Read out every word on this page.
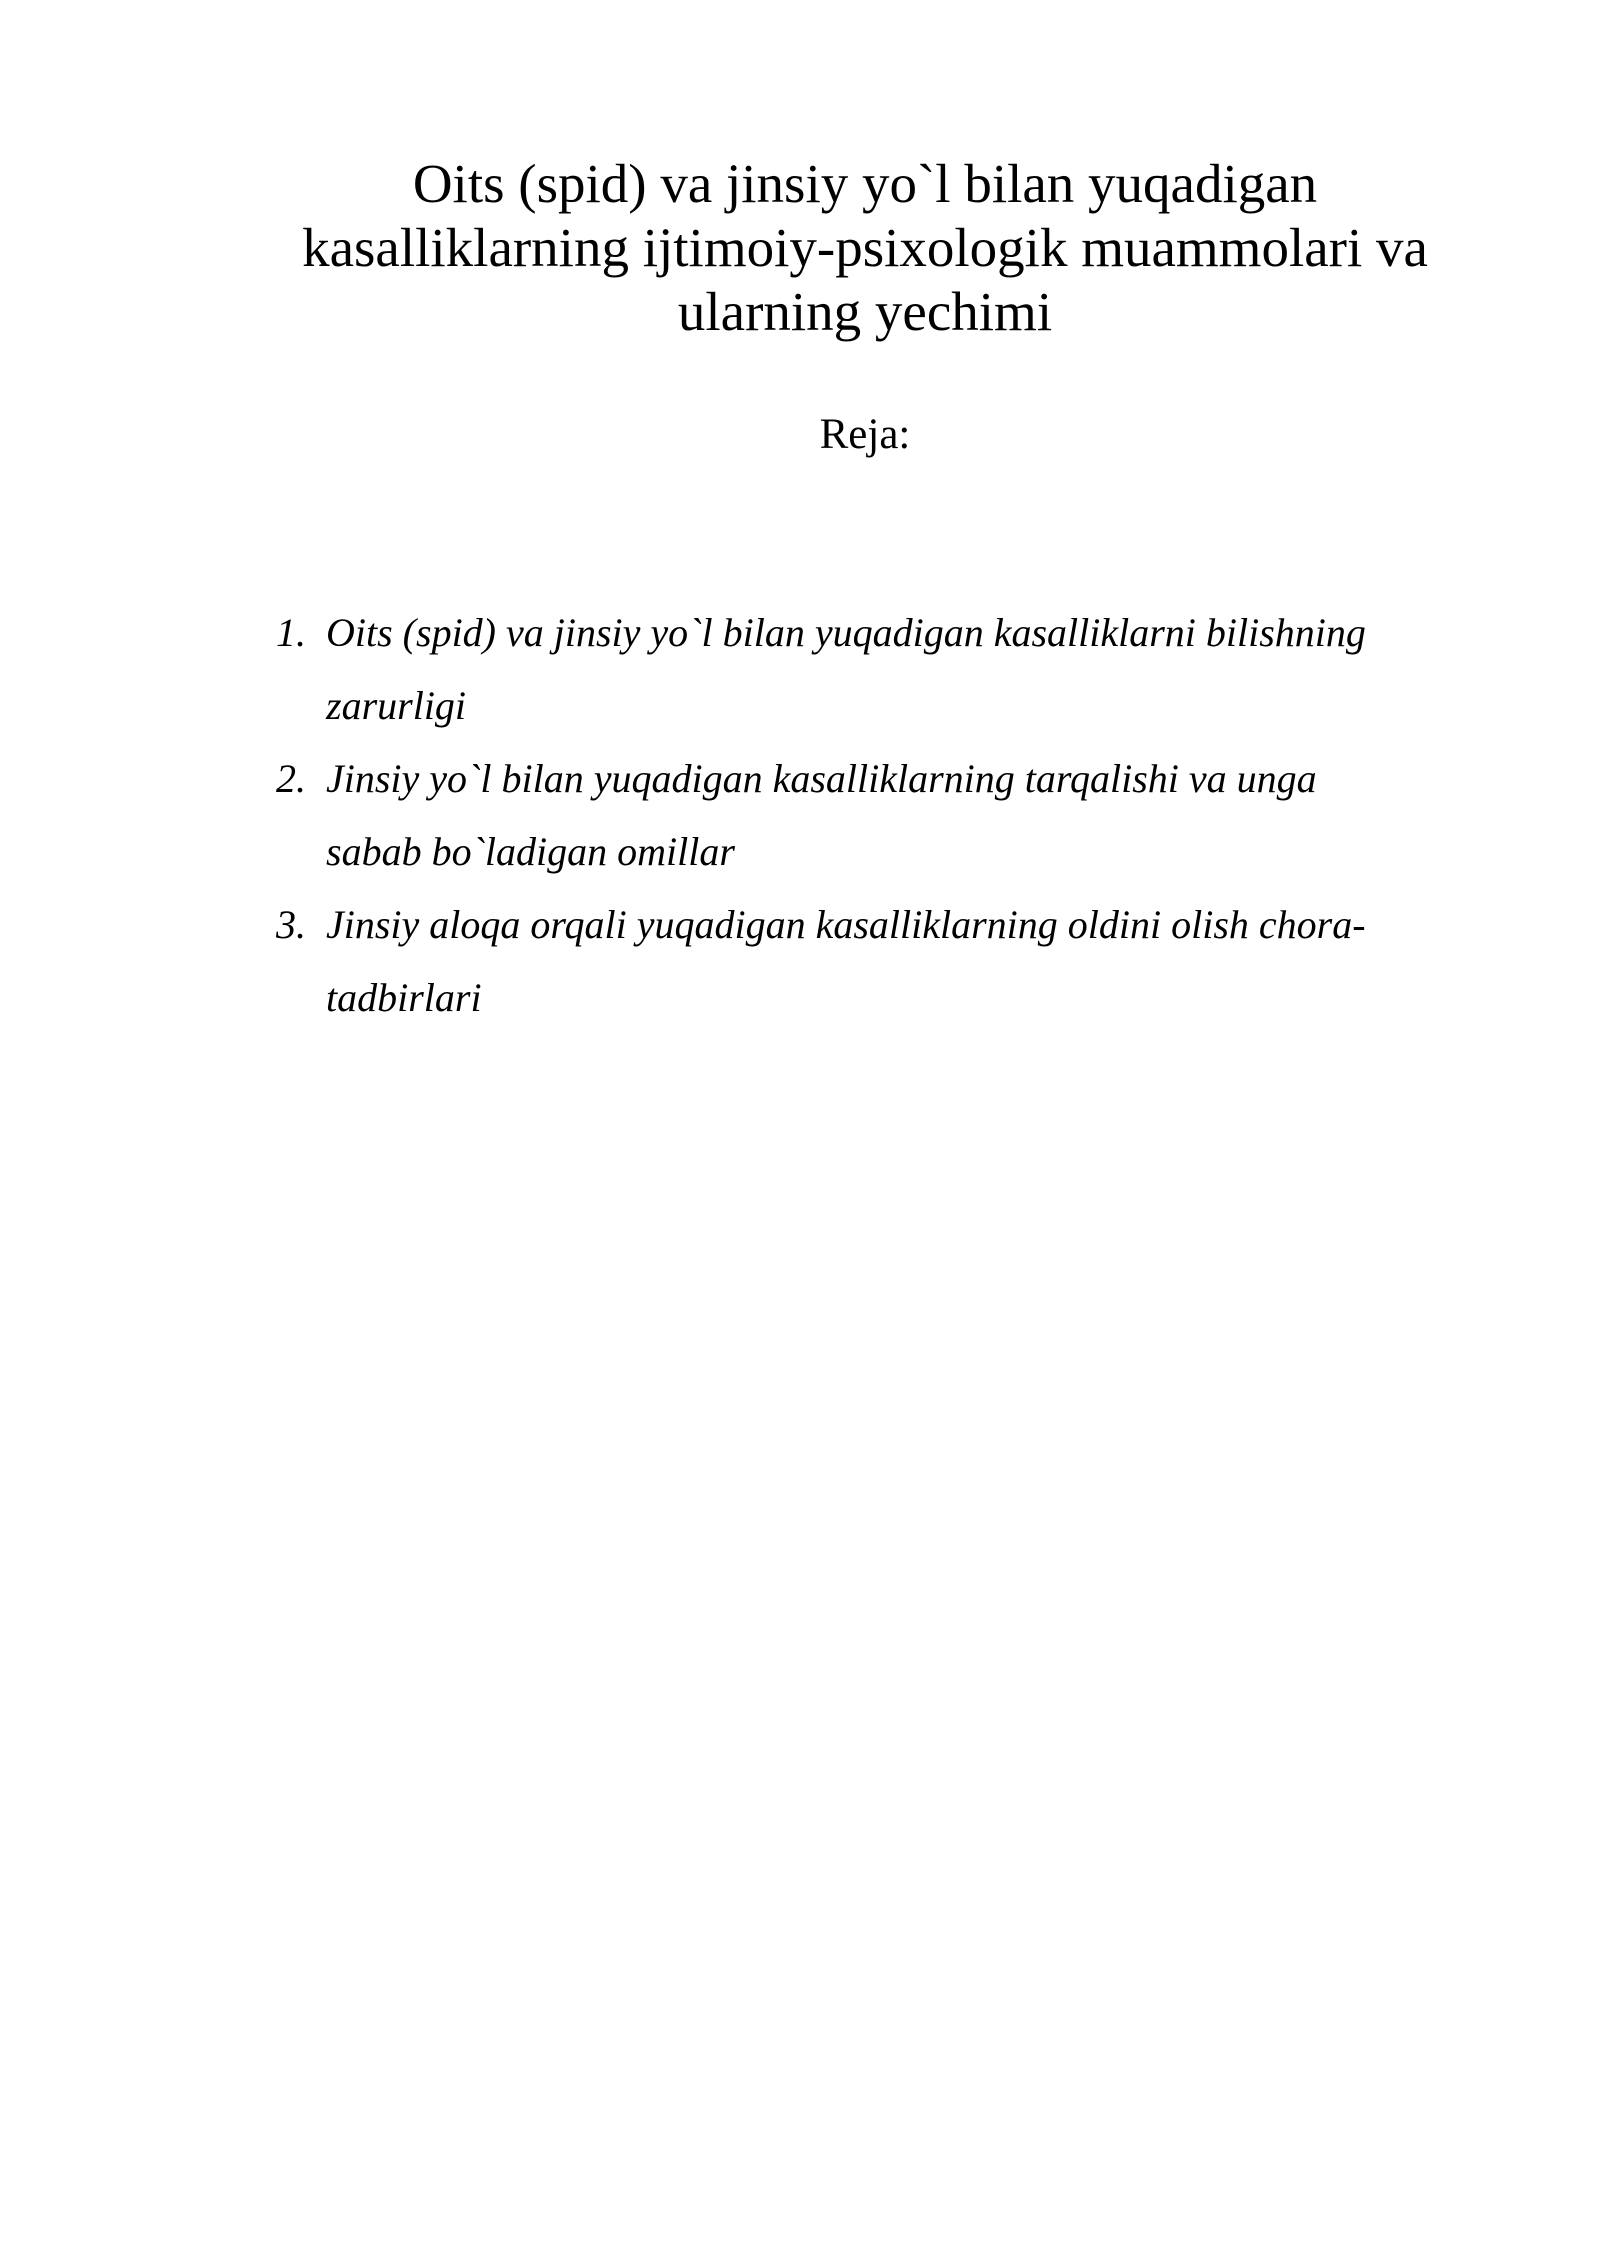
Oits (spid) va jinsiy yo`l bilan yuqadigan
kasalliklarning ijtimoiy-psixologik muammolari va
ularning yechimi
Reja:
1. Oits (spid) va jinsiy yo`l bilan yuqadigan kasalliklarni bilishning
zarurligi
2. Jinsiy yo`l bilan yuqadigan kasalliklarning tarqalishi va unga
sabab bo`ladigan omillar
3. Jinsiy aloqa orqali yuqadigan kasalliklarning oldini olish chora-
tadbirlari
